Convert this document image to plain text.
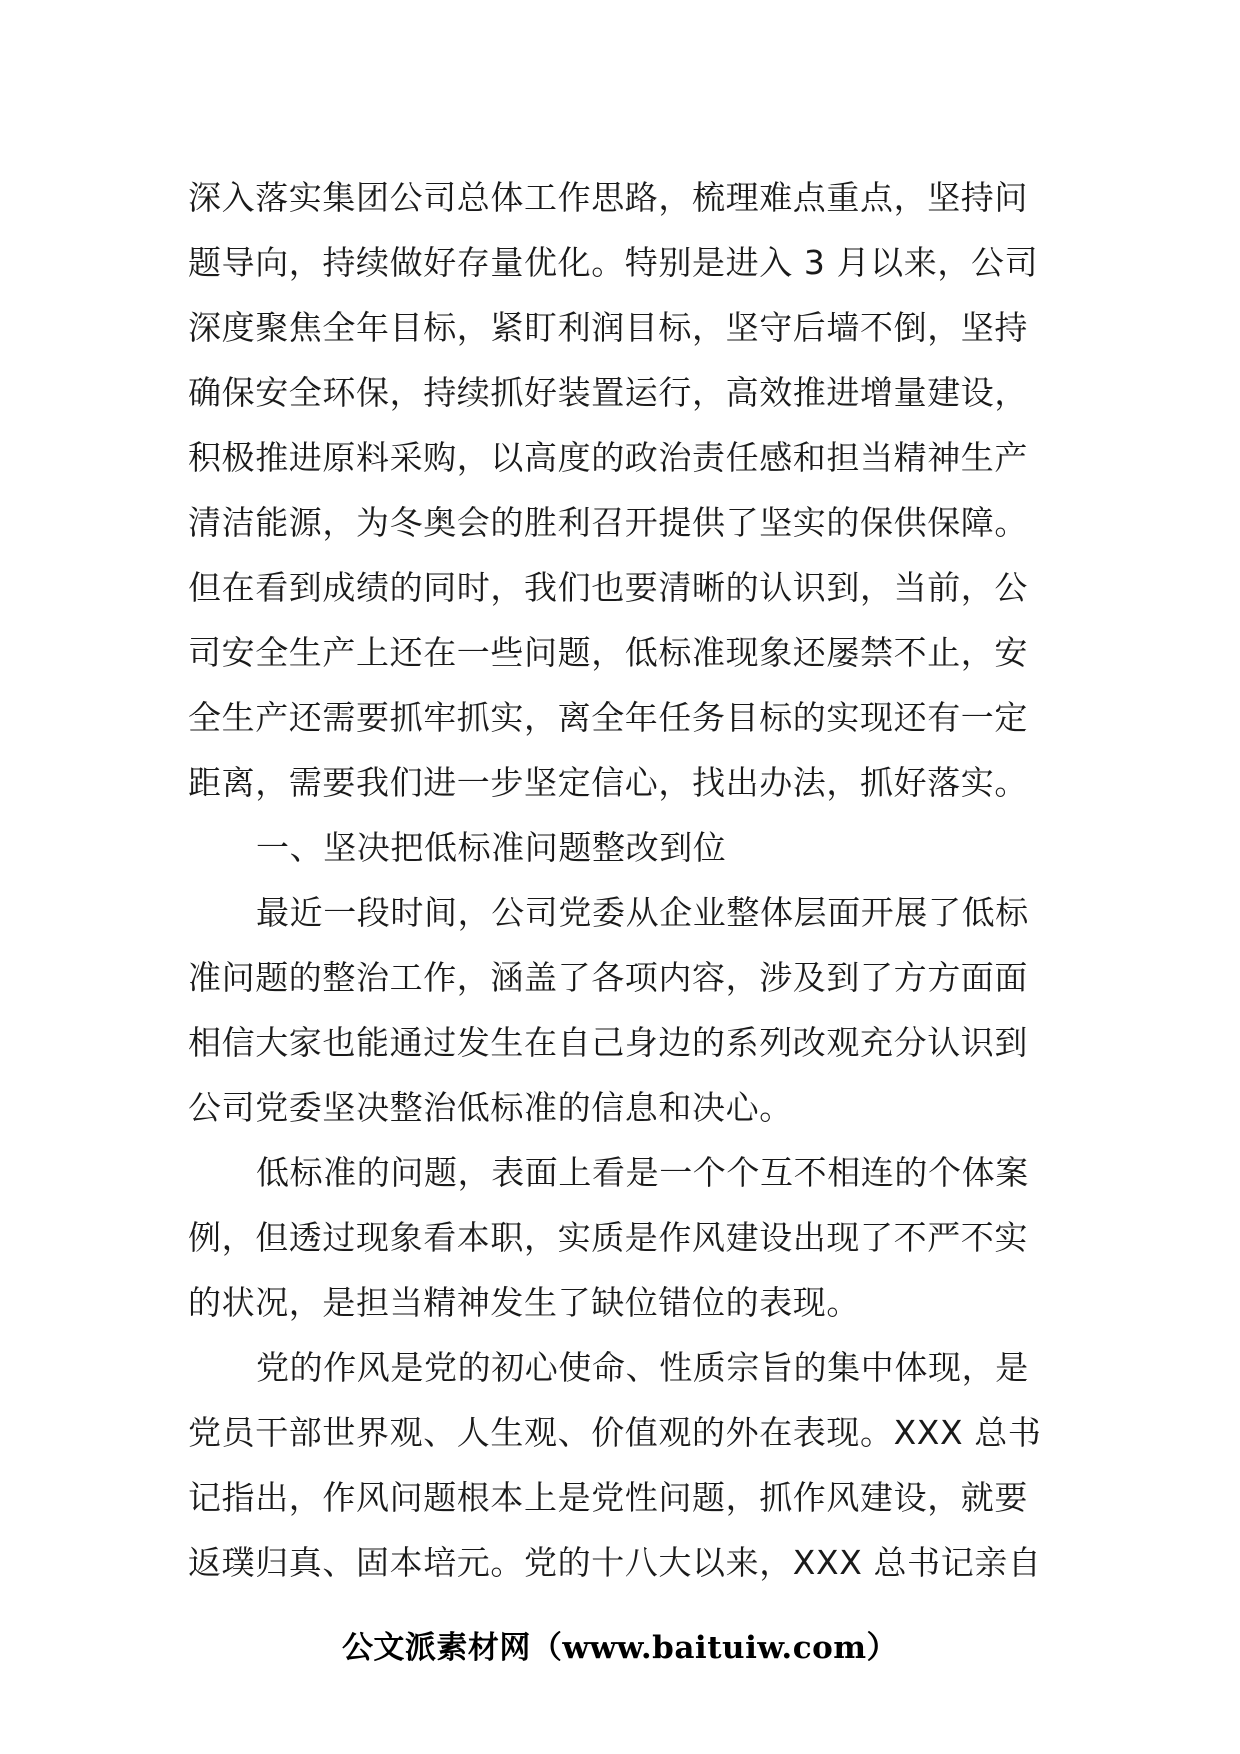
深入落实集团公司总体工作思路，梳理难点重点，坚持问
题导向，持续做好存量优化。特别是进入 3 月以来，公司
深度聚焦全年目标，紧盯利润目标，坚守后墙不倒，坚持
确保安全环保，持续抓好装置运行，高效推进增量建设，
积极推进原料采购，以高度的政治责任感和担当精神生产
清洁能源，为冬奥会的胜利召开提供了坚实的保供保障。
但在看到成绩的同时，我们也要清晰的认识到，当前，公
司安全生产上还在一些问题，低标准现象还屡禁不止，安
全生产还需要抓牢抓实，离全年任务目标的实现还有一定
距离，需要我们进一步坚定信心，找出办法，抓好落实。

一、坚决把低标准问题整改到位

最近一段时间，公司党委从企业整体层面开展了低标
准问题的整治工作，涵盖了各项内容，涉及到了方方面面
相信大家也能通过发生在自己身边的系列改观充分认识到
公司党委坚决整治低标准的信息和决心。

低标准的问题，表面上看是一个个互不相连的个体案
例，但透过现象看本职，实质是作风建设出现了不严不实
的状况，是担当精神发生了缺位错位的表现。

党的作风是党的初心使命、性质宗旨的集中体现，是
党员干部世界观、人生观、价值观的外在表现。XXX 总书
记指出，作风问题根本上是党性问题，抓作风建设，就要
返璞归真、固本培元。党的十八大以来，XXX 总书记亲自

公文派素材网（www.baituiw.com）
